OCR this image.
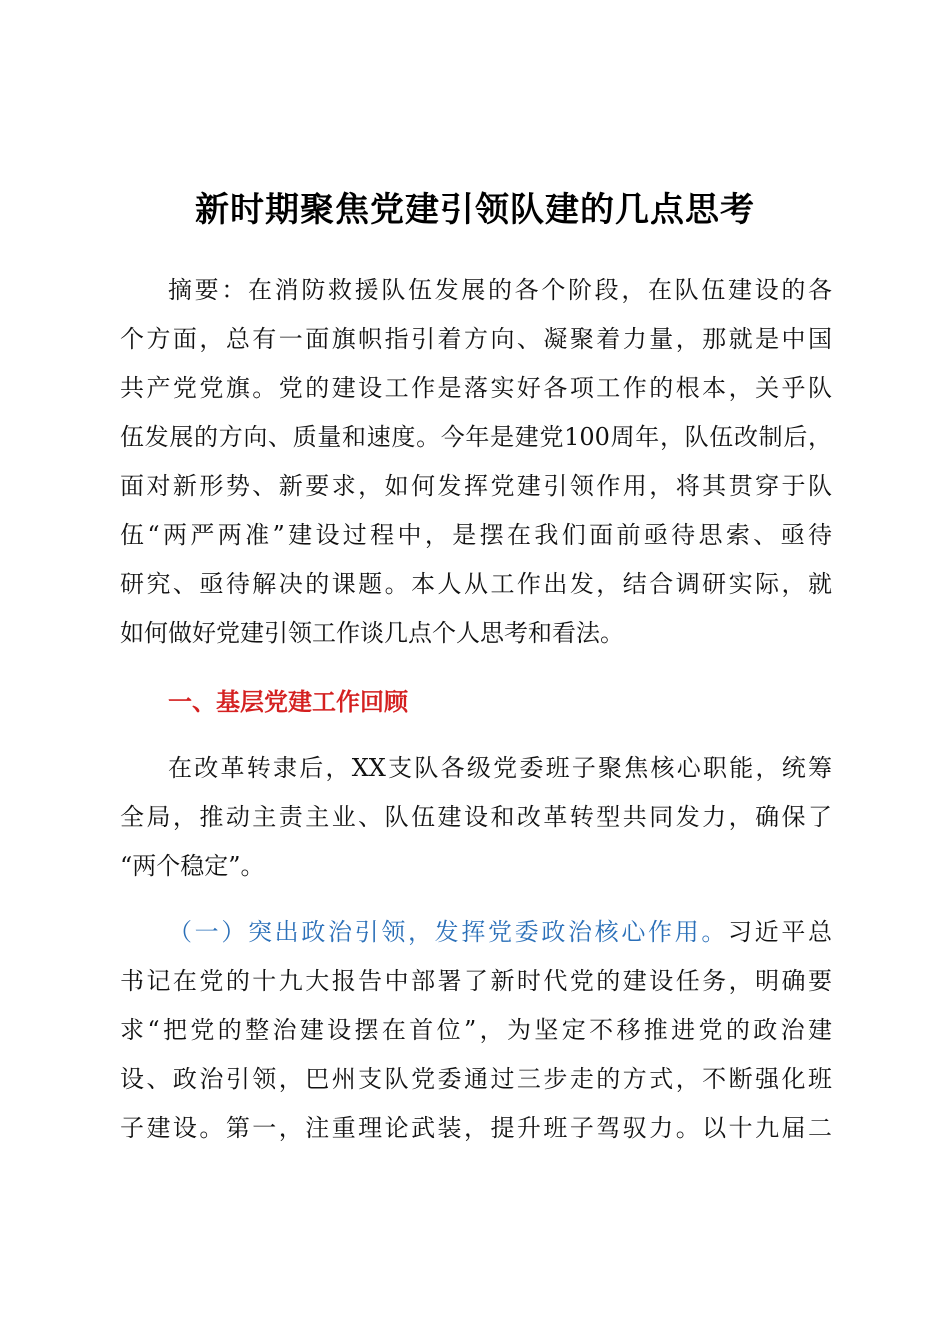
新时期聚焦党建引领队建的几点思考
摘要：在消防救援队伍发展的各个阶段，在队伍建设的各
个方面，总有一面旗帜指引着方向、凝聚着力量，那就是中国
共产党党旗。党的建设工作是落实好各项工作的根本，关乎队
伍发展的方向、质量和速度。今年是建党100周年，队伍改制后，
面对新形势、新要求，如何发挥党建引领作用，将其贯穿于队
伍“两严两准”建设过程中，是摆在我们面前亟待思索、亟待
研究、亟待解决的课题。本人从工作出发，结合调研实际，就
如何做好党建引领工作谈几点个人思考和看法。
一、基层党建工作回顾
在改革转隶后，XX支队各级党委班子聚焦核心职能，统筹
全局，推动主责主业、队伍建设和改革转型共同发力，确保了
“两个稳定”。
（一）突出政治引领，发挥党委政治核心作用。习近平总
书记在党的十九大报告中部署了新时代党的建设任务，明确要
求“把党的整治建设摆在首位”，为坚定不移推进党的政治建
设、政治引领，巴州支队党委通过三步走的方式，不断强化班
子建设。第一，注重理论武装，提升班子驾驭力。以十九届二
